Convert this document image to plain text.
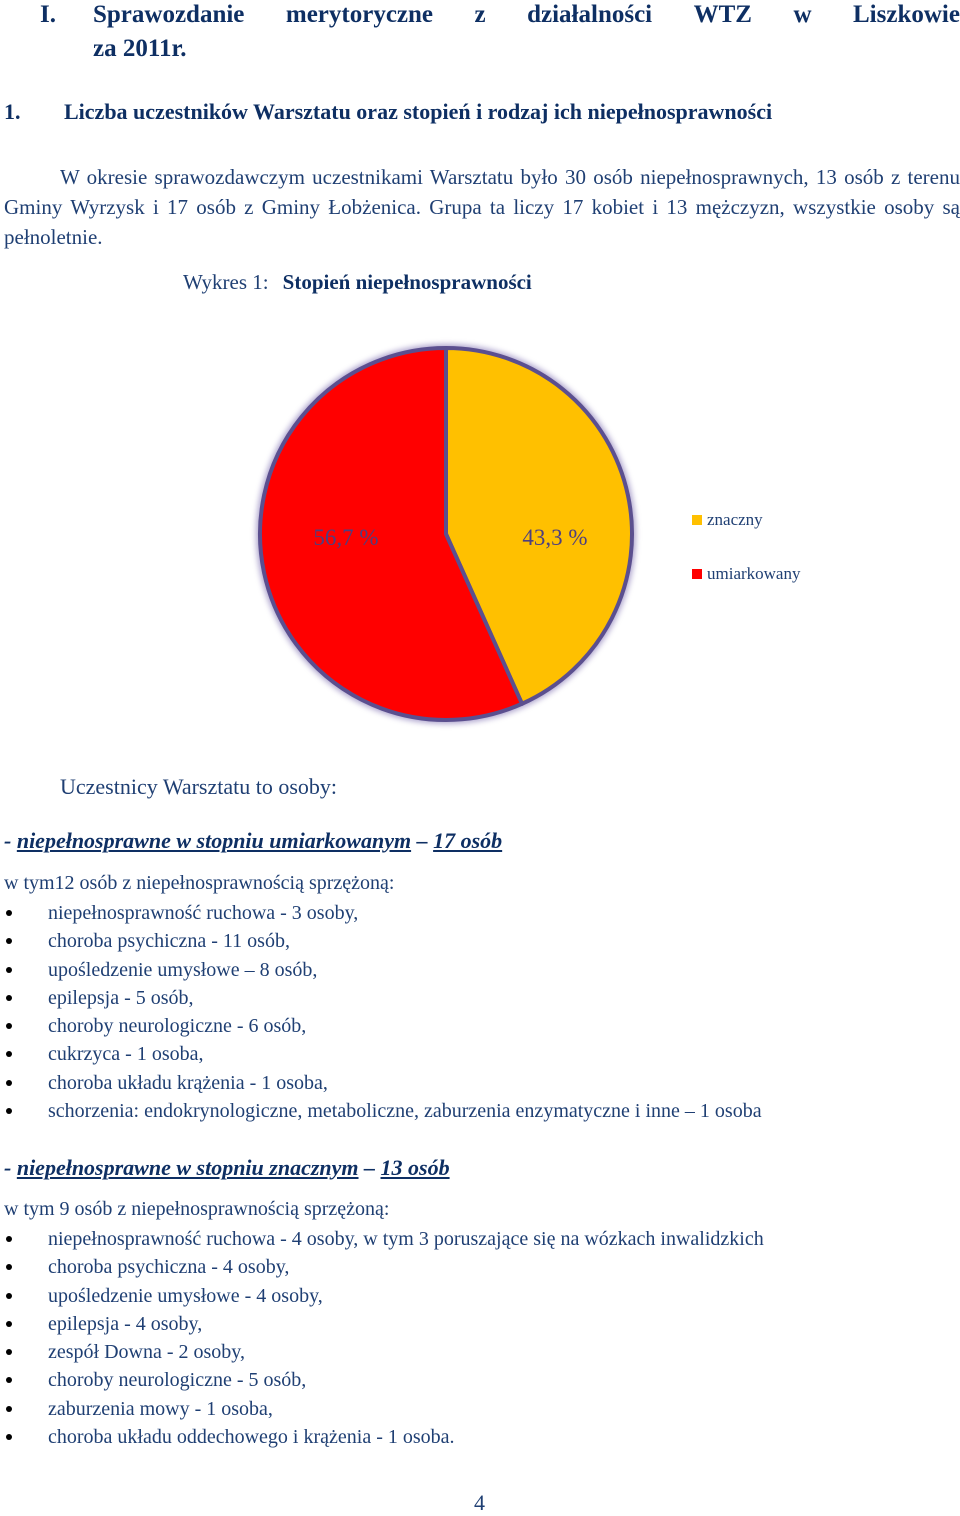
I. Sprawozdanie merytoryczne z działalności WTZ w Liszkowie
za 2011r.
1. Liczba uczestników Warsztatu oraz stopień i rodzaj ich niepełnosprawności
W okresie sprawozdawczym uczestnikami Warsztatu było 30 osób niepełnosprawnych, 13 osób z terenu Gminy Wyrzysk i 17 osób z Gminy Łobżenica. Grupa ta liczy 17 kobiet i 13 mężczyzn, wszystkie osoby są pełnoletnie.
Wykres 1: Stopień niepełnosprawności
43,3 %
56,7 %
znaczny
umiarkowany
Uczestnicy Warsztatu to osoby:
- niepełnosprawne w stopniu umiarkowanym – 17 osób
w tym12 osób z niepełnosprawnością sprzężoną:
niepełnosprawność ruchowa - 3 osoby,
choroba psychiczna - 11 osób,
upośledzenie umysłowe – 8 osób,
epilepsja - 5 osób,
choroby neurologiczne - 6 osób,
cukrzyca - 1 osoba,
choroba układu krążenia - 1 osoba,
schorzenia: endokrynologiczne, metaboliczne, zaburzenia enzymatyczne i inne – 1 osoba
- niepełnosprawne w stopniu znacznym – 13 osób
w tym 9 osób z niepełnosprawnością sprzężoną:
niepełnosprawność ruchowa - 4 osoby, w tym 3 poruszające się na wózkach inwalidzkich
choroba psychiczna - 4 osoby,
upośledzenie umysłowe - 4 osoby,
epilepsja - 4 osoby,
zespół Downa - 2 osoby,
choroby neurologiczne - 5 osób,
zaburzenia mowy - 1 osoba,
choroba układu oddechowego i krążenia - 1 osoba.
4
